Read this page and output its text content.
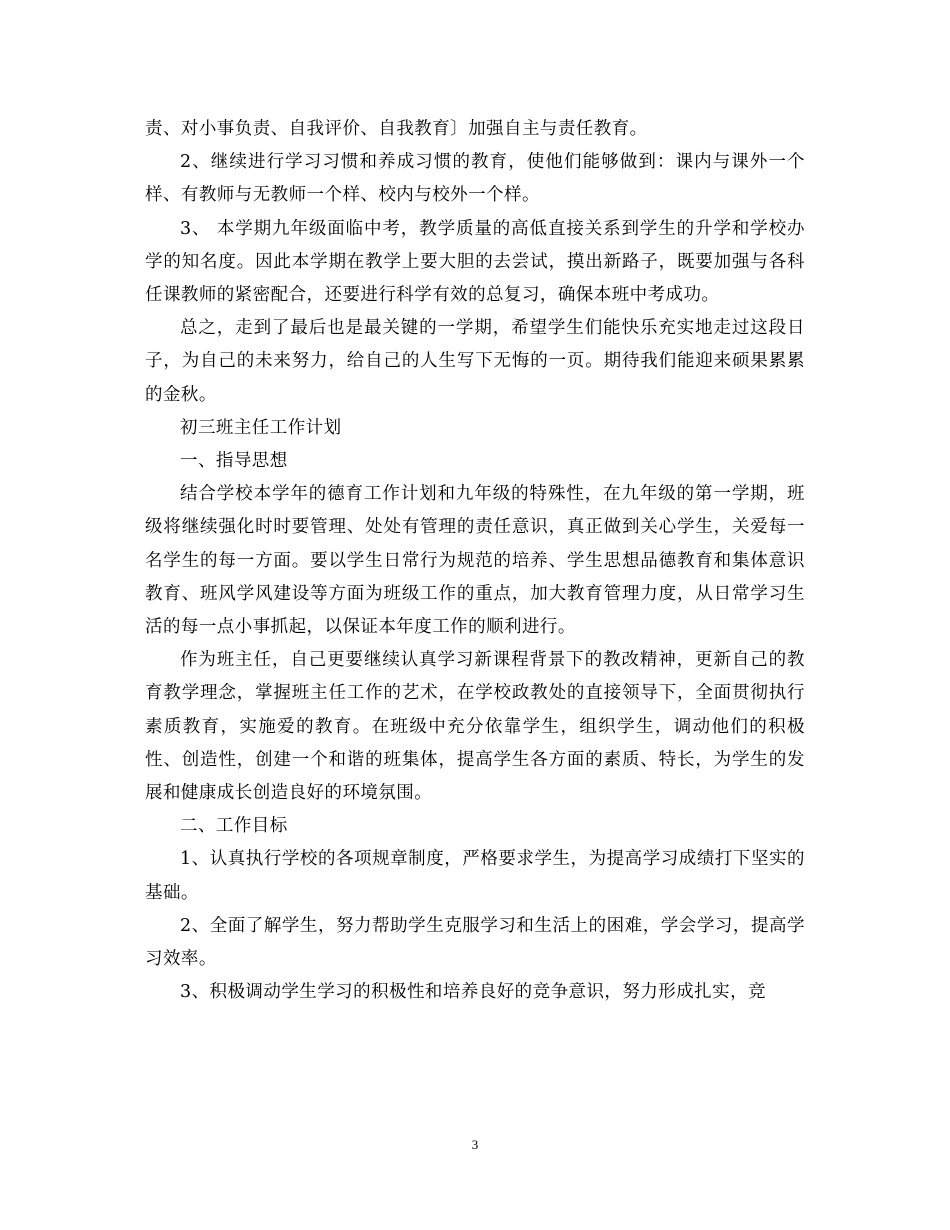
责、对小事负责、自我评价、自我教育〕加强自主与责任教育。

2、继续进行学习习惯和养成习惯的教育，使他们能够做到：课内与课外一个样、有教师与无教师一个样、校内与校外一个样。

3、 本学期九年级面临中考，教学质量的高低直接关系到学生的升学和学校办学的知名度。因此本学期在教学上要大胆的去尝试，摸出新路子，既要加强与各科任课教师的紧密配合，还要进行科学有效的总复习，确保本班中考成功。

总之，走到了最后也是最关键的一学期，希望学生们能快乐充实地走过这段日子，为自己的未来努力，给自己的人生写下无悔的一页。期待我们能迎来硕果累累的金秋。

初三班主任工作计划

一、指导思想

结合学校本学年的德育工作计划和九年级的特殊性，在九年级的第一学期，班级将继续强化时时要管理、处处有管理的责任意识，真正做到关心学生，关爱每一名学生的每一方面。要以学生日常行为规范的培养、学生思想品德教育和集体意识教育、班风学风建设等方面为班级工作的重点，加大教育管理力度，从日常学习生活的每一点小事抓起，以保证本年度工作的顺利进行。

作为班主任，自己更要继续认真学习新课程背景下的教改精神，更新自己的教育教学理念，掌握班主任工作的艺术，在学校政教处的直接领导下，全面贯彻执行素质教育，实施爱的教育。在班级中充分依靠学生，组织学生，调动他们的积极性、创造性，创建一个和谐的班集体，提高学生各方面的素质、特长，为学生的发展和健康成长创造良好的环境氛围。

二、工作目标

1、认真执行学校的各项规章制度，严格要求学生，为提高学习成绩打下坚实的基础。

2、全面了解学生，努力帮助学生克服学习和生活上的困难，学会学习，提高学习效率。

3、积极调动学生学习的积极性和培养良好的竞争意识，努力形成扎实，竞

3
